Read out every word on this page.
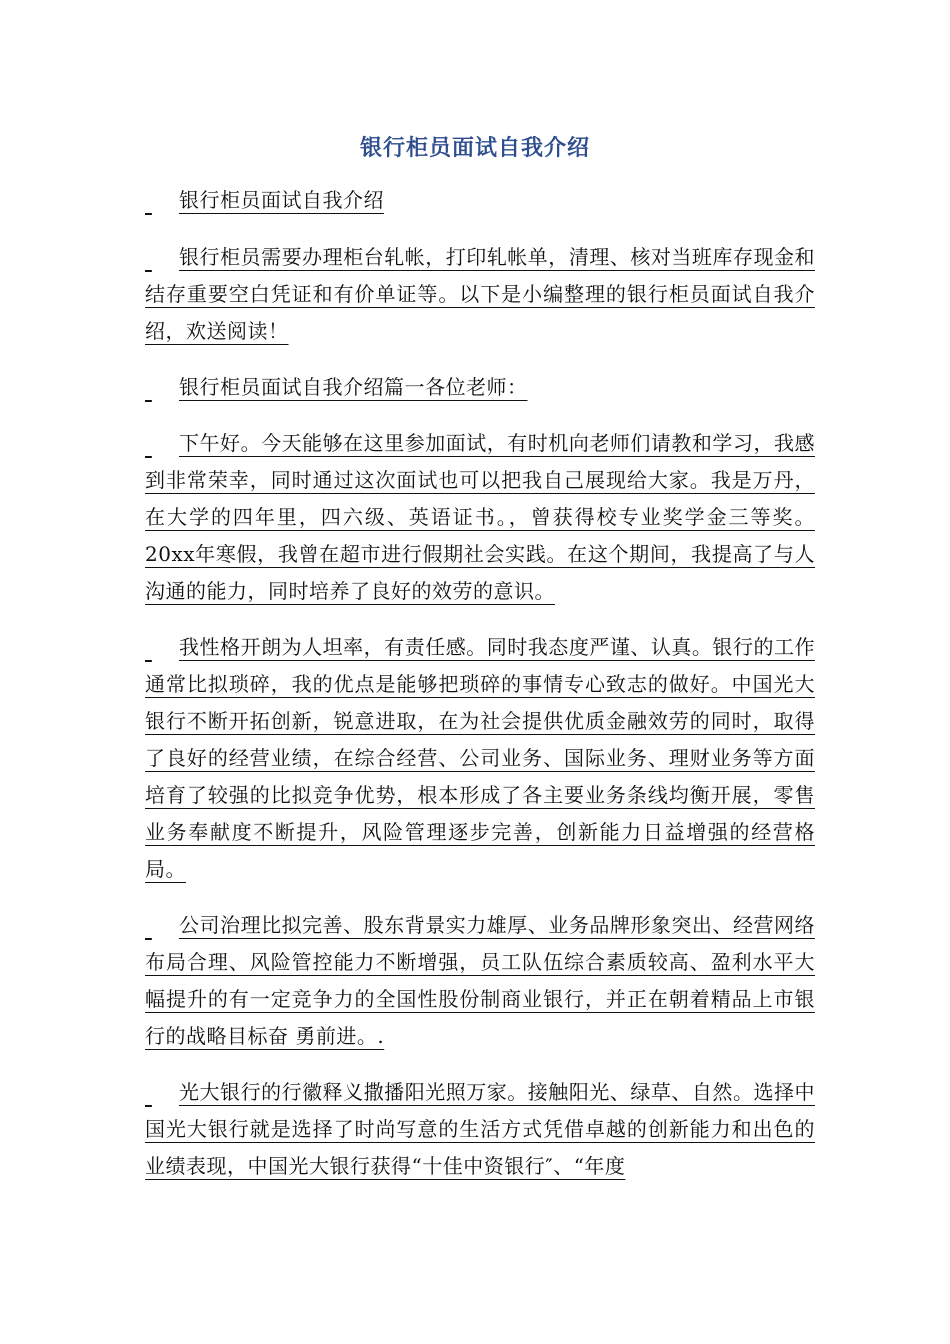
银行柜员面试自我介绍

银行柜员面试自我介绍

银行柜员需要办理柜台轧帐，打印轧帐单，清理、核对当班库存现金和结存重要空白凭证和有价单证等。以下是小编整理的银行柜员面试自我介绍，欢送阅读！

银行柜员面试自我介绍篇一各位老师：

下午好。今天能够在这里参加面试，有时机向老师们请教和学习，我感到非常荣幸，同时通过这次面试也可以把我自己展现给大家。我是万丹，在大学的四年里，四六级、英语证书。，曾获得校专业奖学金三等奖。20xx年寒假，我曾在超市进行假期社会实践。在这个期间，我提高了与人沟通的能力，同时培养了良好的效劳的意识。

我性格开朗为人坦率，有责任感。同时我态度严谨、认真。银行的工作通常比拟琐碎，我的优点是能够把琐碎的事情专心致志的做好。中国光大银行不断开拓创新，锐意进取，在为社会提供优质金融效劳的同时，取得了良好的经营业绩，在综合经营、公司业务、国际业务、理财业务等方面培育了较强的比拟竞争优势，根本形成了各主要业务条线均衡开展，零售业务奉献度不断提升，风险管理逐步完善，创新能力日益增强的经营格局。

公司治理比拟完善、股东背景实力雄厚、业务品牌形象突出、经营网络布局合理、风险管控能力不断增强，员工队伍综合素质较高、盈利水平大幅提升的有一定竞争力的全国性股份制商业银行，并正在朝着精品上市银行的战略目标奋 勇前进。.

光大银行的行徽释义撒播阳光照万家。接触阳光、绿草、自然。选择中国光大银行就是选择了时尚写意的生活方式凭借卓越的创新能力和出色的业绩表现，中国光大银行获得“十佳中资银行″、“年度
